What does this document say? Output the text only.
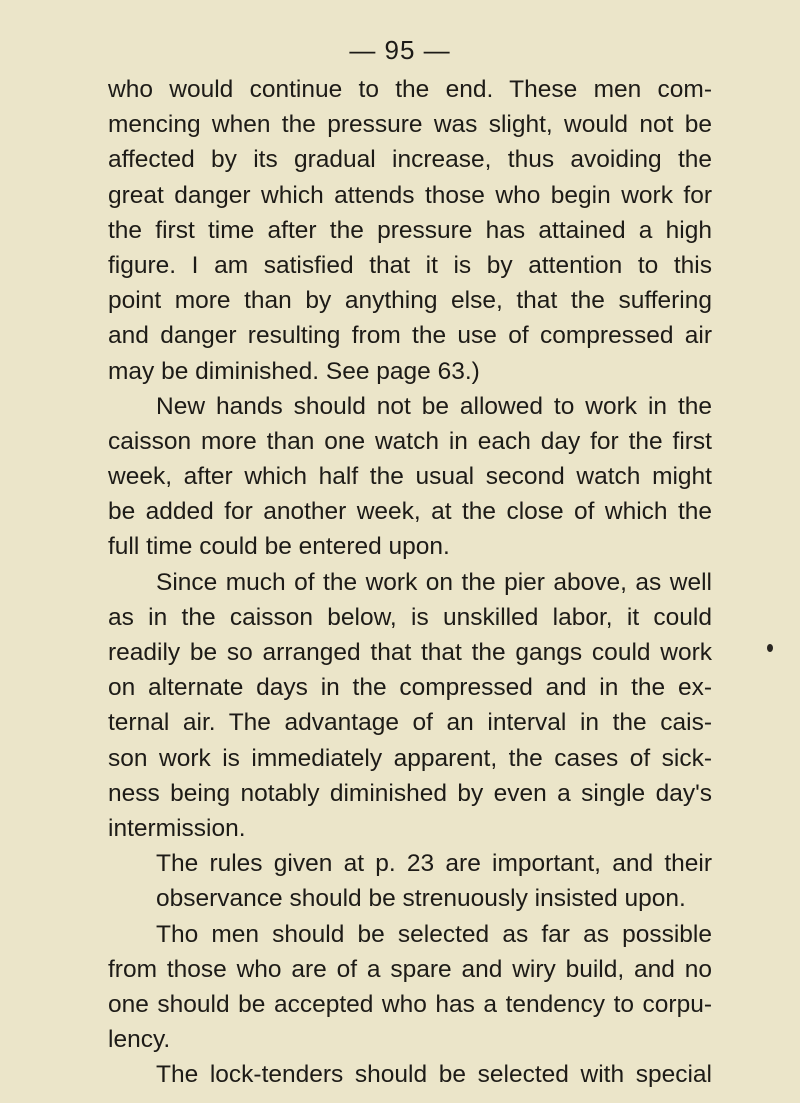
— 95 —
who would continue to the end. These men com-
mencing when the pressure was slight, would not be
affected by its gradual increase, thus avoiding the
great danger which attends those who begin work for
the first time after the pressure has attained a high
figure. I am satisfied that it is by attention to this
point more than by anything else, that the suffering
and danger resulting from the use of compressed air
may be diminished. See page 63.)
New hands should not be allowed to work in the
caisson more than one watch in each day for the first
week, after which half the usual second watch might
be added for another week, at the close of which the
full time could be entered upon.
Since much of the work on the pier above, as well
as in the caisson below, is unskilled labor, it could
readily be so arranged that that the gangs could work
on alternate days in the compressed and in the ex-
ternal air. The advantage of an interval in the cais-
son work is immediately apparent, the cases of sick-
ness being notably diminished by even a single day's
intermission.
The rules given at p. 23 are important, and their
observance should be strenuously insisted upon.
Tho men should be selected as far as possible
from those who are of a spare and wiry build, and no
one should be accepted who has a tendency to corpu-
lency.
The lock-tenders should be selected with special
